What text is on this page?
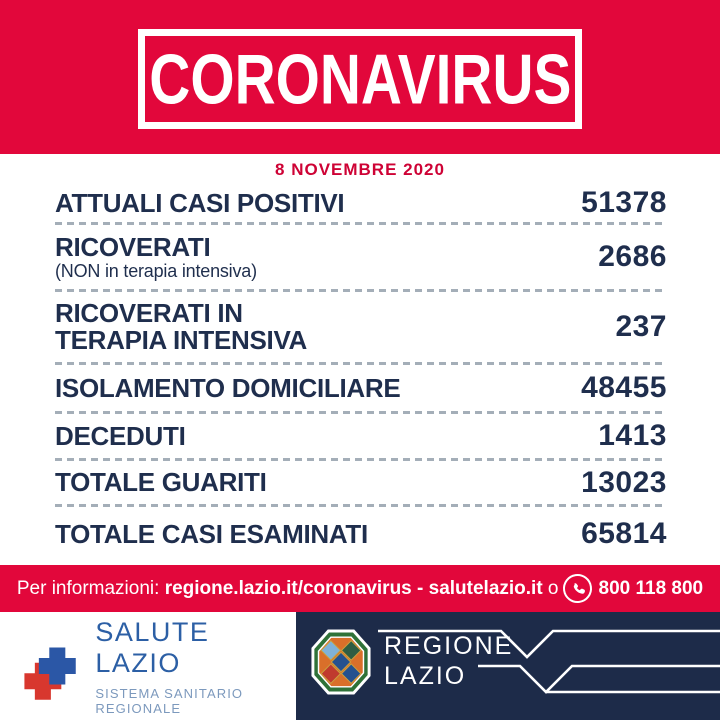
CORONAVIRUS
8 NOVEMBRE 2020
ATTUALI CASI POSITIVI	51378
RICOVERATI
(NON in terapia intensiva)	2686
RICOVERATI IN
TERAPIA INTENSIVA	237
ISOLAMENTO DOMICILIARE	48455
DECEDUTI	1413
TOTALE GUARITI	13023
TOTALE CASI ESAMINATI	65814
Per informazioni: regione.lazio.it/coronavirus - salutelazio.it o 800 118 800
SALUTE LAZIO
SISTEMA SANITARIO REGIONALE
REGIONE
LAZIO
